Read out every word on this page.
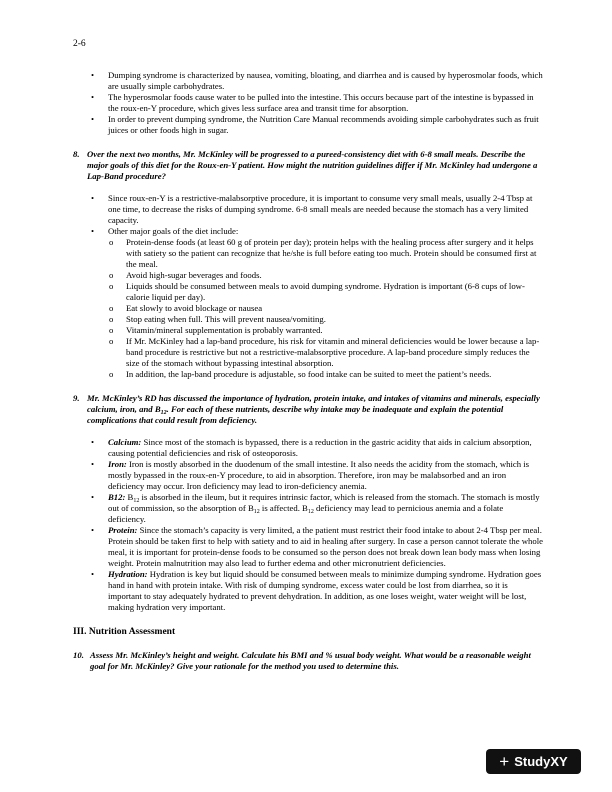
2-6
• Dumping syndrome is characterized by nausea, vomiting, bloating, and diarrhea and is caused by hyperosmolar foods, which are usually simple carbohydrates.
• The hyperosmolar foods cause water to be pulled into the intestine. This occurs because part of the intestine is bypassed in the roux-en-Y procedure, which gives less surface area and transit time for absorption.
• In order to prevent dumping syndrome, the Nutrition Care Manual recommends avoiding simple carbohydrates such as fruit juices or other foods high in sugar.
8. Over the next two months, Mr. McKinley will be progressed to a pureed-consistency diet with 6-8 small meals. Describe the major goals of this diet for the Roux-en-Y patient. How might the nutrition guidelines differ if Mr. McKinley had undergone a Lap-Band procedure?
• Since roux-en-Y is a restrictive-malabsorptive procedure, it is important to consume very small meals, usually 2-4 Tbsp at one time, to decrease the risks of dumping syndrome. 6-8 small meals are needed because the stomach has a very limited capacity.
• Other major goals of the diet include:
o Protein-dense foods (at least 60 g of protein per day); protein helps with the healing process after surgery and it helps with satiety so the patient can recognize that he/she is full before eating too much. Protein should be consumed first at the meal.
o Avoid high-sugar beverages and foods.
o Liquids should be consumed between meals to avoid dumping syndrome. Hydration is important (6-8 cups of low-calorie liquid per day).
o Eat slowly to avoid blockage or nausea
o Stop eating when full. This will prevent nausea/vomiting.
o Vitamin/mineral supplementation is probably warranted.
o If Mr. McKinley had a lap-band procedure, his risk for vitamin and mineral deficiencies would be lower because a lap-band procedure is restrictive but not a restrictive-malabsorptive procedure. A lap-band procedure simply reduces the size of the stomach without bypassing intestinal absorption.
o In addition, the lap-band procedure is adjustable, so food intake can be suited to meet the patient’s needs.
9. Mr. McKinley’s RD has discussed the importance of hydration, protein intake, and intakes of vitamins and minerals, especially calcium, iron, and $B_{12}$. For each of these nutrients, describe why intake may be inadequate and explain the potential complications that could result from deficiency.
• Calcium: Since most of the stomach is bypassed, there is a reduction in the gastric acidity that aids in calcium absorption, causing potential deficiencies and risk of osteoporosis.
• Iron: Iron is mostly absorbed in the duodenum of the small intestine. It also needs the acidity from the stomach, which is mostly bypassed in the roux-en-Y procedure, to aid in absorption. Therefore, iron may be malabsorbed and an iron deficiency may occur. Iron deficiency may lead to iron-deficiency anemia.
• B12: $B_{12}$ is absorbed in the ileum, but it requires intrinsic factor, which is released from the stomach. The stomach is mostly out of commission, so the absorption of $B_{12}$ is affected. $B_{12}$ deficiency may lead to pernicious anemia and a folate deficiency.
• Protein: Since the stomach’s capacity is very limited, a the patient must restrict their food intake to about 2-4 Tbsp per meal. Protein should be taken first to help with satiety and to aid in healing after surgery. In case a person cannot tolerate the whole meal, it is important for protein-dense foods to be consumed so the person does not break down lean body mass when losing weight. Protein malnutrition may also lead to further edema and other micronutrient deficiencies.
• Hydration: Hydration is key but liquid should be consumed between meals to minimize dumping syndrome. Hydration goes hand in hand with protein intake. With risk of dumping syndrome, excess water could be lost from diarrhea, so it is important to stay adequately hydrated to prevent dehydration. In addition, as one loses weight, water weight will be lost, making hydration very important.
III. Nutrition Assessment
10. Assess Mr. McKinley’s height and weight. Calculate his BMI and % usual body weight. What would be a reasonable weight goal for Mr. McKinley? Give your rationale for the method you used to determine this.
+ StudyXY
